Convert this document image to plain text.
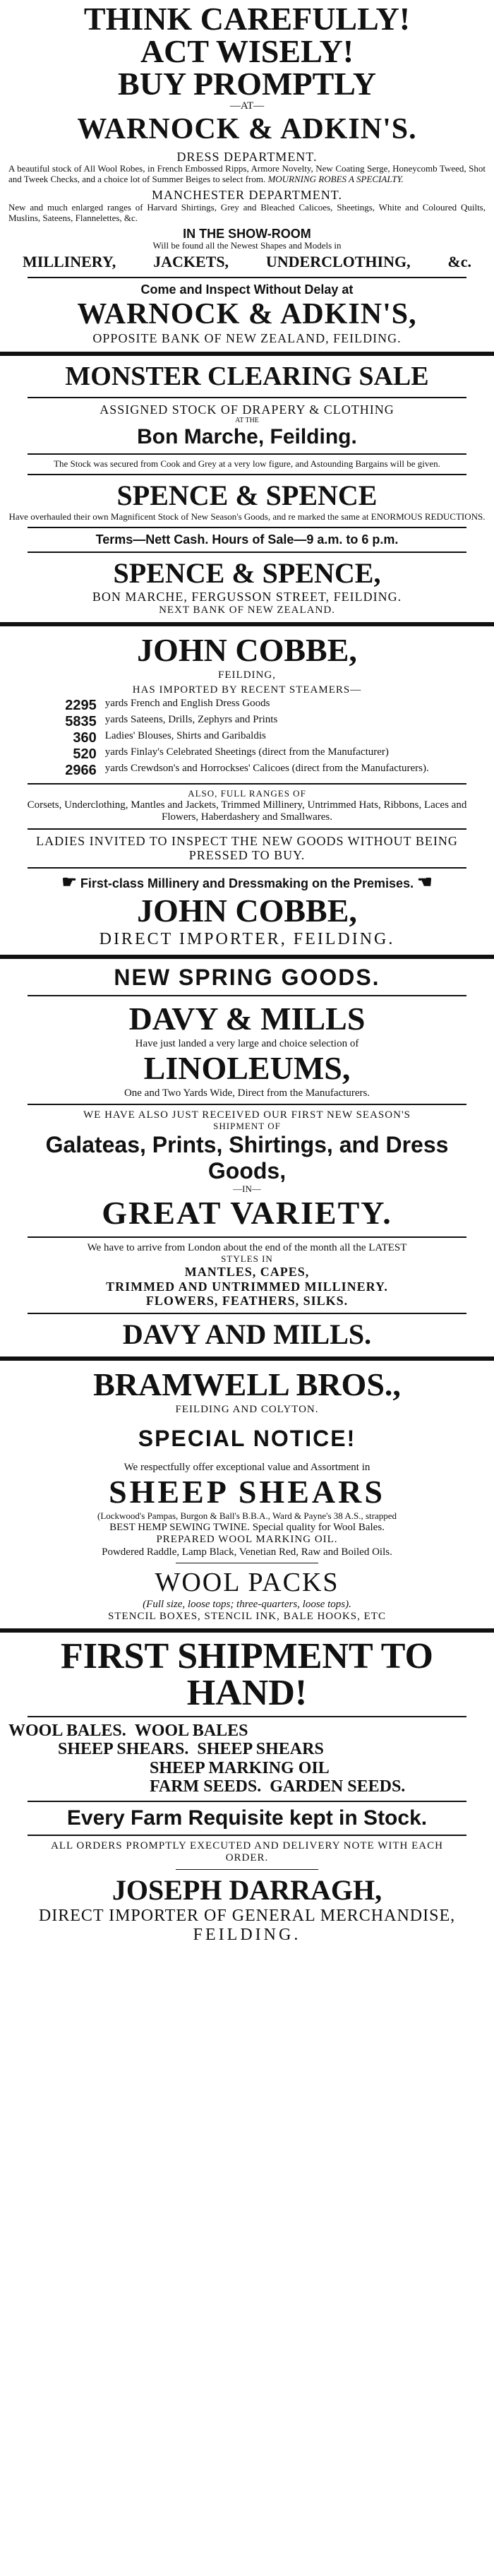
THINK CAREFULLY!

ACT WISELY!

BUY PROMPTLY

—AT—

WARNOCK & ADKIN'S.

DRESS DEPARTMENT.

A beautiful stock of All Wool Robes, in French Embossed Ripps, Armore Novelty, New Coating Serge, Honeycomb Tweed, Shot and Tweek Checks, and a choice lot of Summer Beiges to select from. MOURNING ROBES A SPECIALTY.

MANCHESTER DEPARTMENT.

New and much enlarged ranges of Harvard Shirtings, Grey and Bleached Calicoes, Sheetings, White and Coloured Quilts, Muslins, Sateens, Flannelettes, &c.

IN THE SHOW-ROOM

Will be found all the Newest Shapes and Models in

MILLINERY, JACKETS, UNDERCLOTHING, &c.

Come and Inspect Without Delay at

WARNOCK & ADKIN'S,

OPPOSITE BANK OF NEW ZEALAND, FEILDING.

MONSTER CLEARING SALE

ASSIGNED STOCK OF DRAPERY & CLOTHING

AT THE

Bon Marche, Feilding.

The Stock was secured from Cook and Grey at a very low figure, and Astounding Bargains will be given.

SPENCE & SPENCE

Have overhauled their own Magnificent Stock of New Season's Goods, and re marked the same at ENORMOUS REDUCTIONS.

Terms—Nett Cash. Hours of Sale—9 a.m. to 6 p.m.

SPENCE & SPENCE,

BON MARCHE, FERGUSSON STREET, FEILDING.

NEXT BANK OF NEW ZEALAND.

JOHN COBBE,

FEILDING,

HAS IMPORTED BY RECENT STEAMERS—

2295	yards French and English Dress Goods
5835	yards Sateens, Drills, Zephyrs and Prints
360	Ladies' Blouses, Shirts and Garibaldis
520	yards Finlay's Celebrated Sheetings (direct from the Manufacturer)
2966	yards Crewdson's and Horrockses' Calicoes (direct from the Manufacturers).

ALSO, FULL RANGES OF

Corsets, Underclothing, Mantles and Jackets, Trimmed Millinery, Untrimmed Hats, Ribbons, Laces and Flowers, Haberdashery and Smallwares.

LADIES INVITED TO INSPECT THE NEW GOODS WITHOUT BEING PRESSED TO BUY.

☛ First-class Millinery and Dressmaking on the Premises. ☚

JOHN COBBE,

DIRECT IMPORTER, FEILDING.

NEW SPRING GOODS.

DAVY & MILLS

Have just landed a very large and choice selection of

LINOLEUMS,

One and Two Yards Wide, Direct from the Manufacturers.

WE HAVE ALSO JUST RECEIVED OUR FIRST NEW SEASON'S

SHIPMENT OF

Galateas, Prints, Shirtings, and Dress Goods,

—IN—

GREAT VARIETY.

We have to arrive from London about the end of the month all the LATEST

STYLES IN

MANTLES, CAPES,

TRIMMED AND UNTRIMMED MILLINERY.

FLOWERS, FEATHERS, SILKS.

DAVY AND MILLS.

BRAMWELL BROS.,

FEILDING AND COLYTON.

SPECIAL NOTICE!

We respectfully offer exceptional value and Assortment in

SHEEP SHEARS

(Lockwood's Pampas, Burgon & Ball's B.B.A., Ward & Payne's 38 A.S., strapped

BEST HEMP SEWING TWINE. Special quality for Wool Bales.

PREPARED WOOL MARKING OIL.

Powdered Raddle, Lamp Black, Venetian Red, Raw and Boiled Oils.

WOOL PACKS

(Full size, loose tops; three-quarters, loose tops).

STENCIL BOXES, STENCIL INK, BALE HOOKS, ETC

FIRST SHIPMENT TO HAND!

WOOL BALES. WOOL BALES
SHEEP SHEARS. SHEEP SHEARS
SHEEP MARKING OIL
FARM SEEDS. GARDEN SEEDS.

Every Farm Requisite kept in Stock.

ALL ORDERS PROMPTLY EXECUTED AND DELIVERY NOTE WITH EACH ORDER.

JOSEPH DARRAGH,

DIRECT IMPORTER OF GENERAL MERCHANDISE,

FEILDING.
